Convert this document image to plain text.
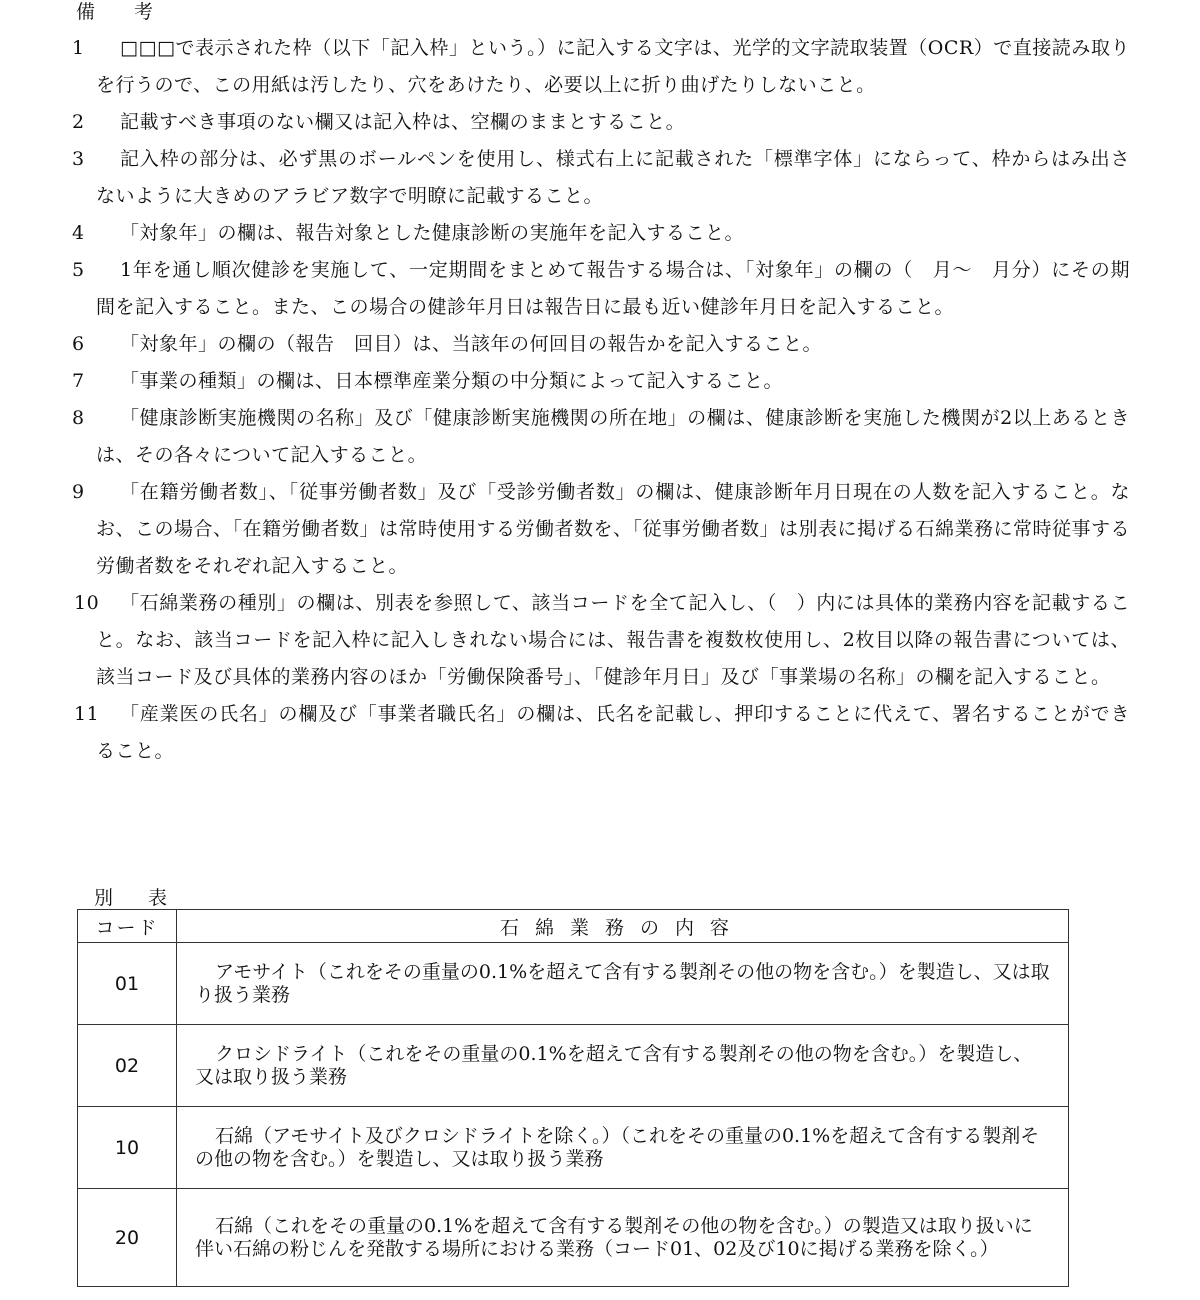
備　考
1	□□□で表示された枠（以下「記入枠」という。）に記入する文字は、光学的文字読取装置（OCR）で直接読み取りを行うので、この用紙は汚したり、穴をあけたり、必要以上に折り曲げたりしないこと。
2	記載すべき事項のない欄又は記入枠は、空欄のままとすること。
3	記入枠の部分は、必ず黒のボールペンを使用し、様式右上に記載された「標準字体」にならって、枠からはみ出さないように大きめのアラビア数字で明瞭に記載すること。
4	「対象年」の欄は、報告対象とした健康診断の実施年を記入すること。
5	1年を通し順次健診を実施して、一定期間をまとめて報告する場合は、「対象年」の欄の（　月～　月分）にその期間を記入すること。また、この場合の健診年月日は報告日に最も近い健診年月日を記入すること。
6	「対象年」の欄の（報告　回目）は、当該年の何回目の報告かを記入すること。
7	「事業の種類」の欄は、日本標準産業分類の中分類によって記入すること。
8	「健康診断実施機関の名称」及び「健康診断実施機関の所在地」の欄は、健康診断を実施した機関が2以上あるときは、その各々について記入すること。
9	「在籍労働者数」、「従事労働者数」及び「受診労働者数」の欄は、健康診断年月日現在の人数を記入すること。なお、この場合、「在籍労働者数」は常時使用する労働者数を、「従事労働者数」は別表に掲げる石綿業務に常時従事する労働者数をそれぞれ記入すること。
10	「石綿業務の種別」の欄は、別表を参照して、該当コードを全て記入し、（　）内には具体的業務内容を記載すること。なお、該当コードを記入枠に記入しきれない場合には、報告書を複数枚使用し、2枚目以降の報告書については、該当コード及び具体的業務内容のほか「労働保険番号」、「健診年月日」及び「事業場の名称」の欄を記入すること。
11	「産業医の氏名」の欄及び「事業者職氏名」の欄は、氏名を記載し、押印することに代えて、署名することができること。
別　表
コード	石綿業務の内容
01	アモサイト（これをその重量の0.1%を超えて含有する製剤その他の物を含む。）を製造し、又は取り扱う業務
02	クロシドライト（これをその重量の0.1%を超えて含有する製剤その他の物を含む。）を製造し、又は取り扱う業務
10	石綿（アモサイト及びクロシドライトを除く。）（これをその重量の0.1%を超えて含有する製剤その他の物を含む。）を製造し、又は取り扱う業務
20	石綿（これをその重量の0.1%を超えて含有する製剤その他の物を含む。）の製造又は取り扱いに伴い石綿の粉じんを発散する場所における業務（コード01、02及び10に掲げる業務を除く。）
